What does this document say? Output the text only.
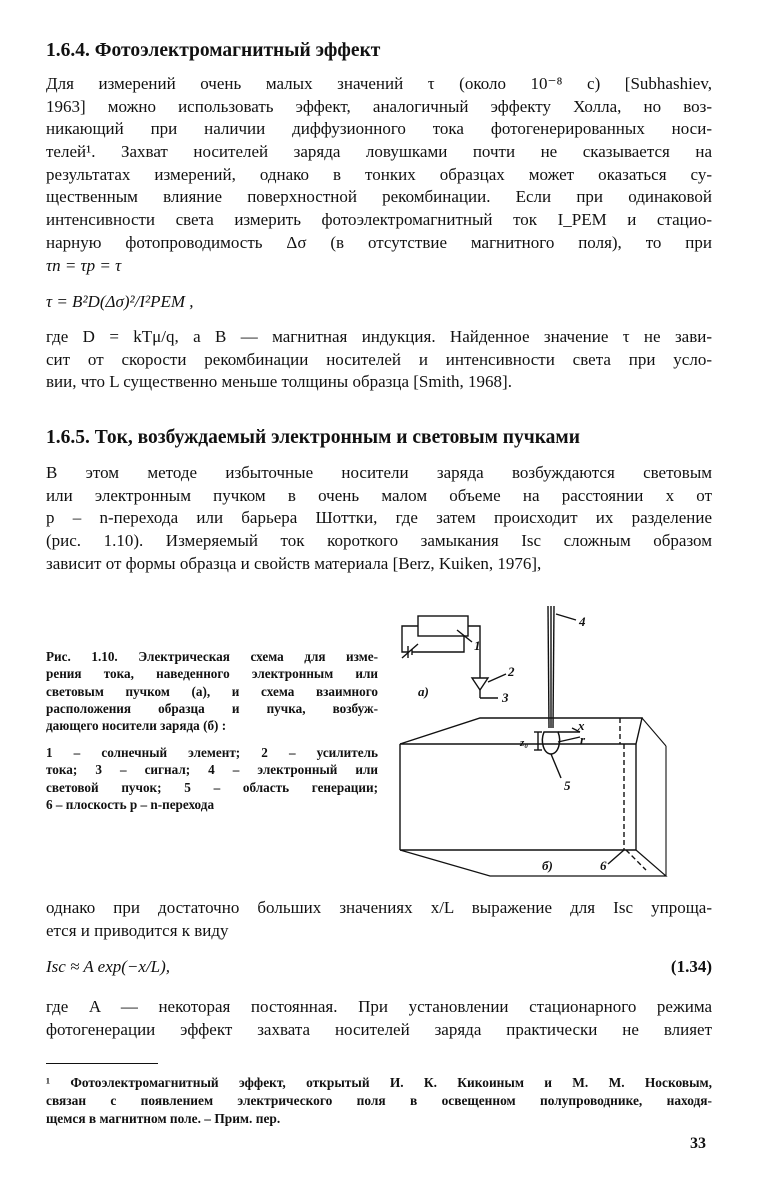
1.6.4. Фотоэлектромагнитный эффект
Для измерений очень малых значений τ (около 10⁻⁸ с) [Subhashiev,
1963] можно использовать эффект, аналогичный эффекту Холла, но воз-
никающий при наличии диффузионного тока фотогенерированных носи-
телей¹. Захват носителей заряда ловушками почти не сказывается на
результатах измерений, однако в тонких образцах может оказаться су-
щественным влияние поверхностной рекомбинации. Если при одинаковой
интенсивности света измерить фотоэлектромагнитный ток I_PEM и стацио-
нарную фотопроводимость Δσ (в отсутствие магнитного поля), то при
τn = τp = τ
τ = B²D(Δσ)²/I²PEM ,
где D = kTμ/q, а B — магнитная индукция. Найденное значение τ не зави-
сит от скорости рекомбинации носителей и интенсивности света при усло-
вии, что L существенно меньше толщины образца [Smith, 1968].
1.6.5. Ток, возбуждаемый электронным и световым пучками
В этом методе избыточные носители заряда возбуждаются световым
или электронным пучком в очень малом объеме на расстоянии x от
p – n-перехода или барьера Шоттки, где затем происходит их разделение
(рис. 1.10). Измеряемый ток короткого замыкания Isc сложным образом
зависит от формы образца и свойств материала [Berz, Kuiken, 1976],
Рис. 1.10. Электрическая схема для изме-
рения тока, наведенного электронным или
световым пучком (а), и схема взаимного
расположения образца и пучка, возбуж-
дающего носители заряда (б) :
1 – солнечный элемент; 2 – усилитель
тока; 3 – сигнал; 4 – электронный или
световой пучок; 5 – область генерации;
6 – плоскость p – n-перехода
1
2
3
4
5
6
а)
б)
x
r
z₀
однако при достаточно больших значениях x/L выражение для Isc упроща-
ется и приводится к виду
Isc ≈ A exp(−x/L),	(1.34)
где A — некоторая постоянная. При установлении стационарного режима
фотогенерации эффект захвата носителей заряда практически не влияет
¹ Фотоэлектромагнитный эффект, открытый И. К. Кикоиным и М. М. Носковым,
связан с появлением электрического поля в освещенном полупроводнике, находя-
щемся в магнитном поле. – Прим. пер.
33
